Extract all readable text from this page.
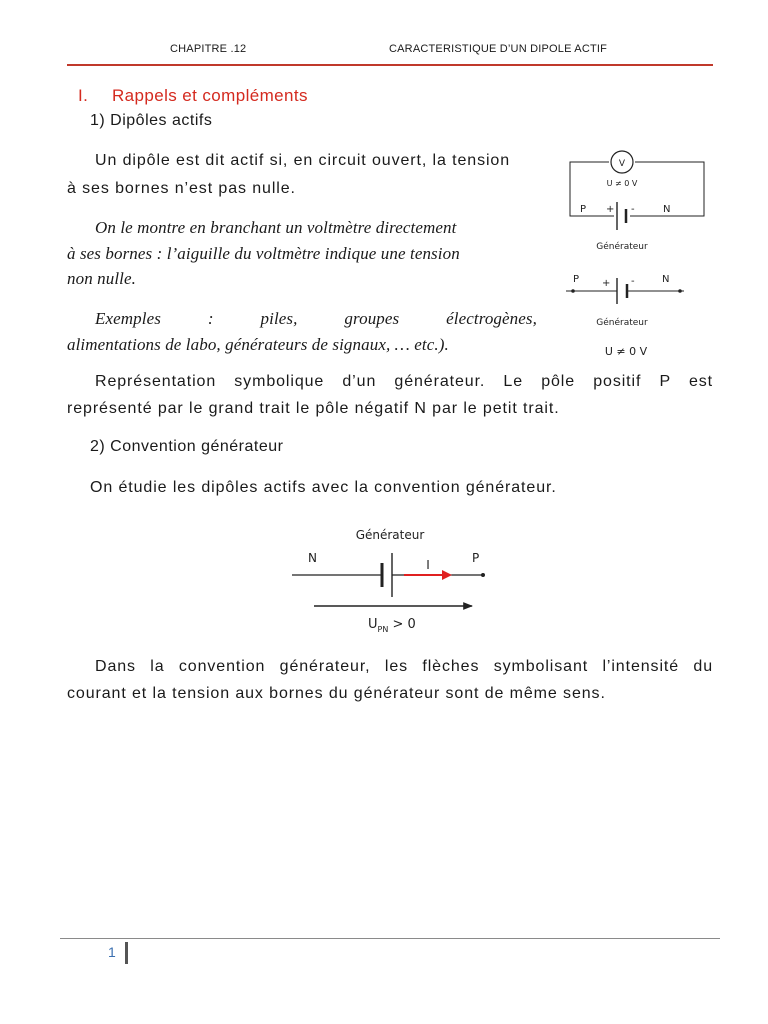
CHAPITRE .12	CARACTERISTIQUE D’UN DIPOLE ACTIF
I. Rappels et compléments
1) Dipôles actifs
Un dipôle est dit actif si, en circuit ouvert, la tension
à ses bornes n’est pas nulle.
On le montre en branchant un voltmètre directement
à ses bornes : l’aiguille du voltmètre indique une tension
non nulle.
Exemples : piles, groupes électrogènes,
alimentations de labo, générateurs de signaux, … etc.).
Représentation symbolique d’un générateur. Le pôle positif P est
représenté par le grand trait le pôle négatif N par le petit trait.
2) Convention générateur
On étudie les dipôles actifs avec la convention générateur.
Dans la convention générateur, les flèches symbolisant l’intensité du
courant et la tension aux bornes du générateur sont de même sens.
V
U ≠ 0 V
P + -	N
Générateur
P + -	N
Générateur
U ≠ 0 V
Générateur
N	P
I
$U_{PN} > 0$
1
